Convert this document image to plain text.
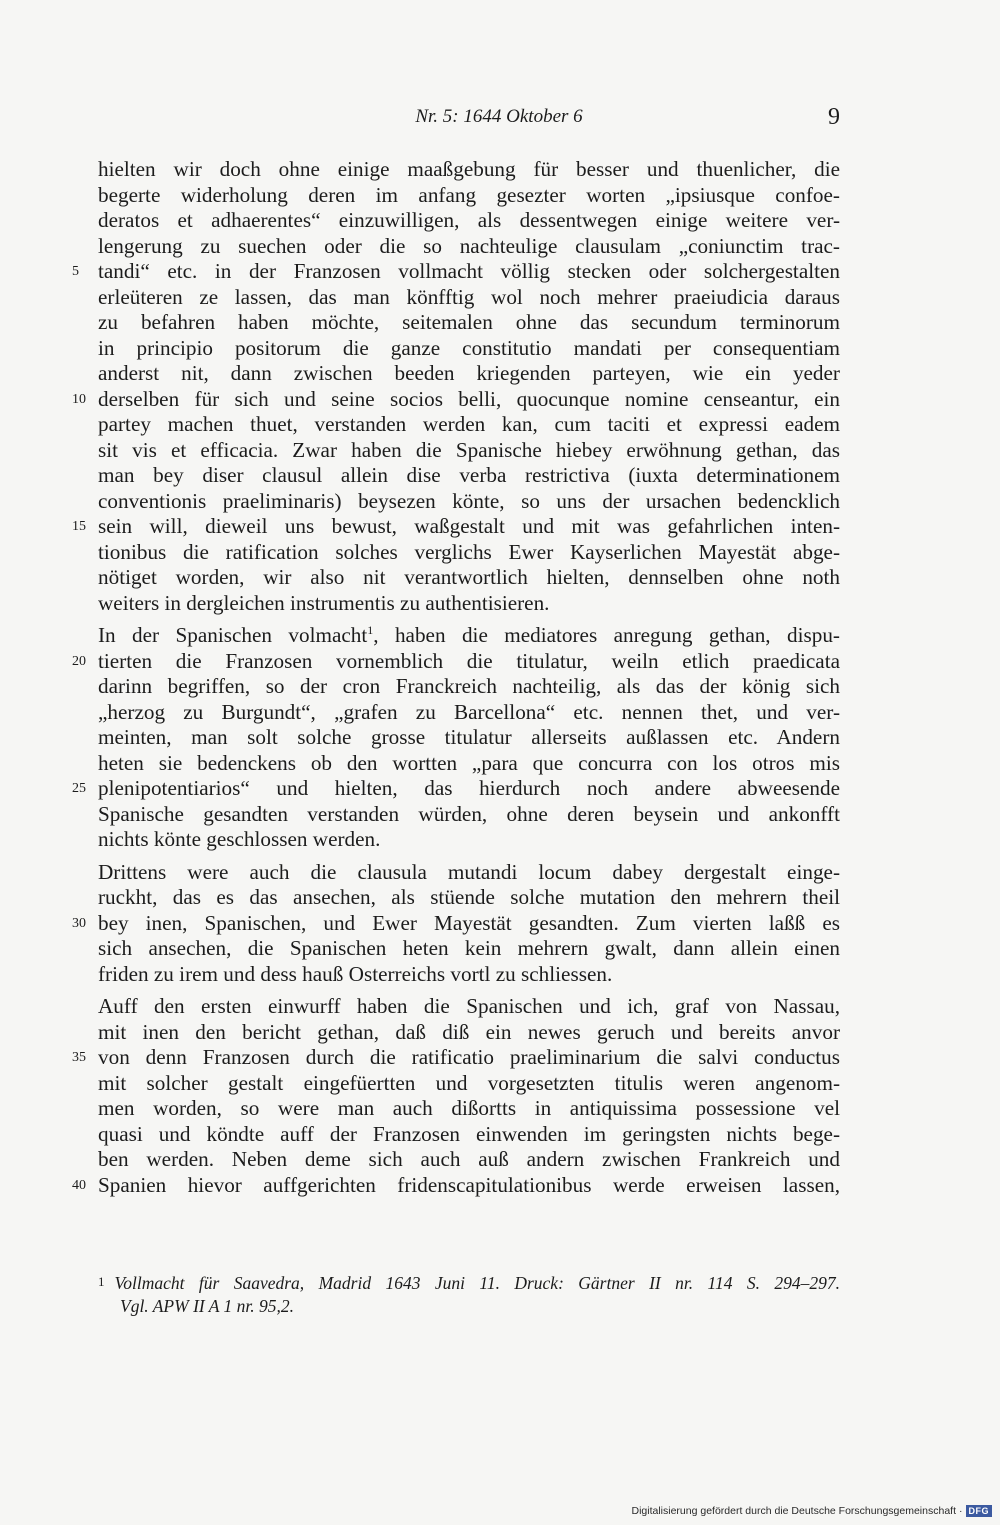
Nr. 5: 1644 Oktober 6	9
hielten wir doch ohne einige maaßgebung für besser und thuenlicher, die
begerte widerholung deren im anfang gesezter worten „ipsiusque confoe-
deratos et adhaerentes“ einzuwilligen, als dessentwegen einige weitere ver-
lengerung zu suechen oder die so nachteulige clausulam „coniunctim trac-
5 tandi“ etc. in der Franzosen vollmacht völlig stecken oder solchergestalten
erleüteren ze lassen, das man könfftig wol noch mehrer praeiudicia daraus
zu befahren haben möchte, seitemalen ohne das secundum terminorum
in principio positorum die ganze constitutio mandati per consequentiam
anderst nit, dann zwischen beeden kriegenden parteyen, wie ein yeder
10 derselben für sich und seine socios belli, quocunque nomine censeantur, ein
partey machen thuet, verstanden werden kan, cum taciti et expressi eadem
sit vis et efficacia. Zwar haben die Spanische hiebey erwöhnung gethan, das
man bey diser clausul allein dise verba restrictiva (iuxta determinationem
conventionis praeliminaris) beysezen könte, so uns der ursachen bedencklich
15 sein will, dieweil uns bewust, waßgestalt und mit was gefahrlichen inten-
tionibus die ratification solches verglichs Ewer Kayserlichen Mayestät abge-
nötiget worden, wir also nit verantwortlich hielten, dennselben ohne noth
weiters in dergleichen instrumentis zu authentisieren.
In der Spanischen volmacht$^1$, haben die mediatores anregung gethan, dispu-
20 tierten die Franzosen vornemblich die titulatur, weiln etlich praedicata
darinn begriffen, so der cron Franckreich nachteilig, als das der könig sich
„herzog zu Burgundt“, „grafen zu Barcellona“ etc. nennen thet, und ver-
meinten, man solt solche grosse titulatur allerseits außlassen etc. Andern
heten sie bedenckens ob den wortten „para que concurra con los otros mis
25 plenipotentiarios“ und hielten, das hierdurch noch andere abweesende
Spanische gesandten verstanden würden, ohne deren beysein und ankonfft
nichts könte geschlossen werden.
Drittens were auch die clausula mutandi locum dabey dergestalt einge-
ruckht, das es das ansechen, als stüende solche mutation den mehrern theil
30 bey inen, Spanischen, und Ewer Mayestät gesandten. Zum vierten laßß es
sich ansechen, die Spanischen heten kein mehrern gwalt, dann allein einen
friden zu irem und dess hauß Osterreichs vortl zu schliessen.
Auff den ersten einwurff haben die Spanischen und ich, graf von Nassau,
mit inen den bericht gethan, daß diß ein newes geruch und bereits anvor
35 von denn Franzosen durch die ratificatio praeliminarium die salvi conductus
mit solcher gestalt eingefüertten und vorgesetzten titulis weren angenom-
men worden, so were man auch dißortts in antiquissima possessione vel
quasi und köndte auff der Franzosen einwenden im geringsten nichts bege-
ben werden. Neben deme sich auch auß andern zwischen Frankreich und
40 Spanien hievor auffgerichten fridenscapitulationibus werde erweisen lassen,
1 Vollmacht für Saavedra, Madrid 1643 Juni 11. Druck: Gärtner II nr. 114 S. 294–297.
Vgl. APW II A 1 nr. 95,2.
Digitalisierung gefördert durch die Deutsche Forschungsgemeinschaft · DFG
